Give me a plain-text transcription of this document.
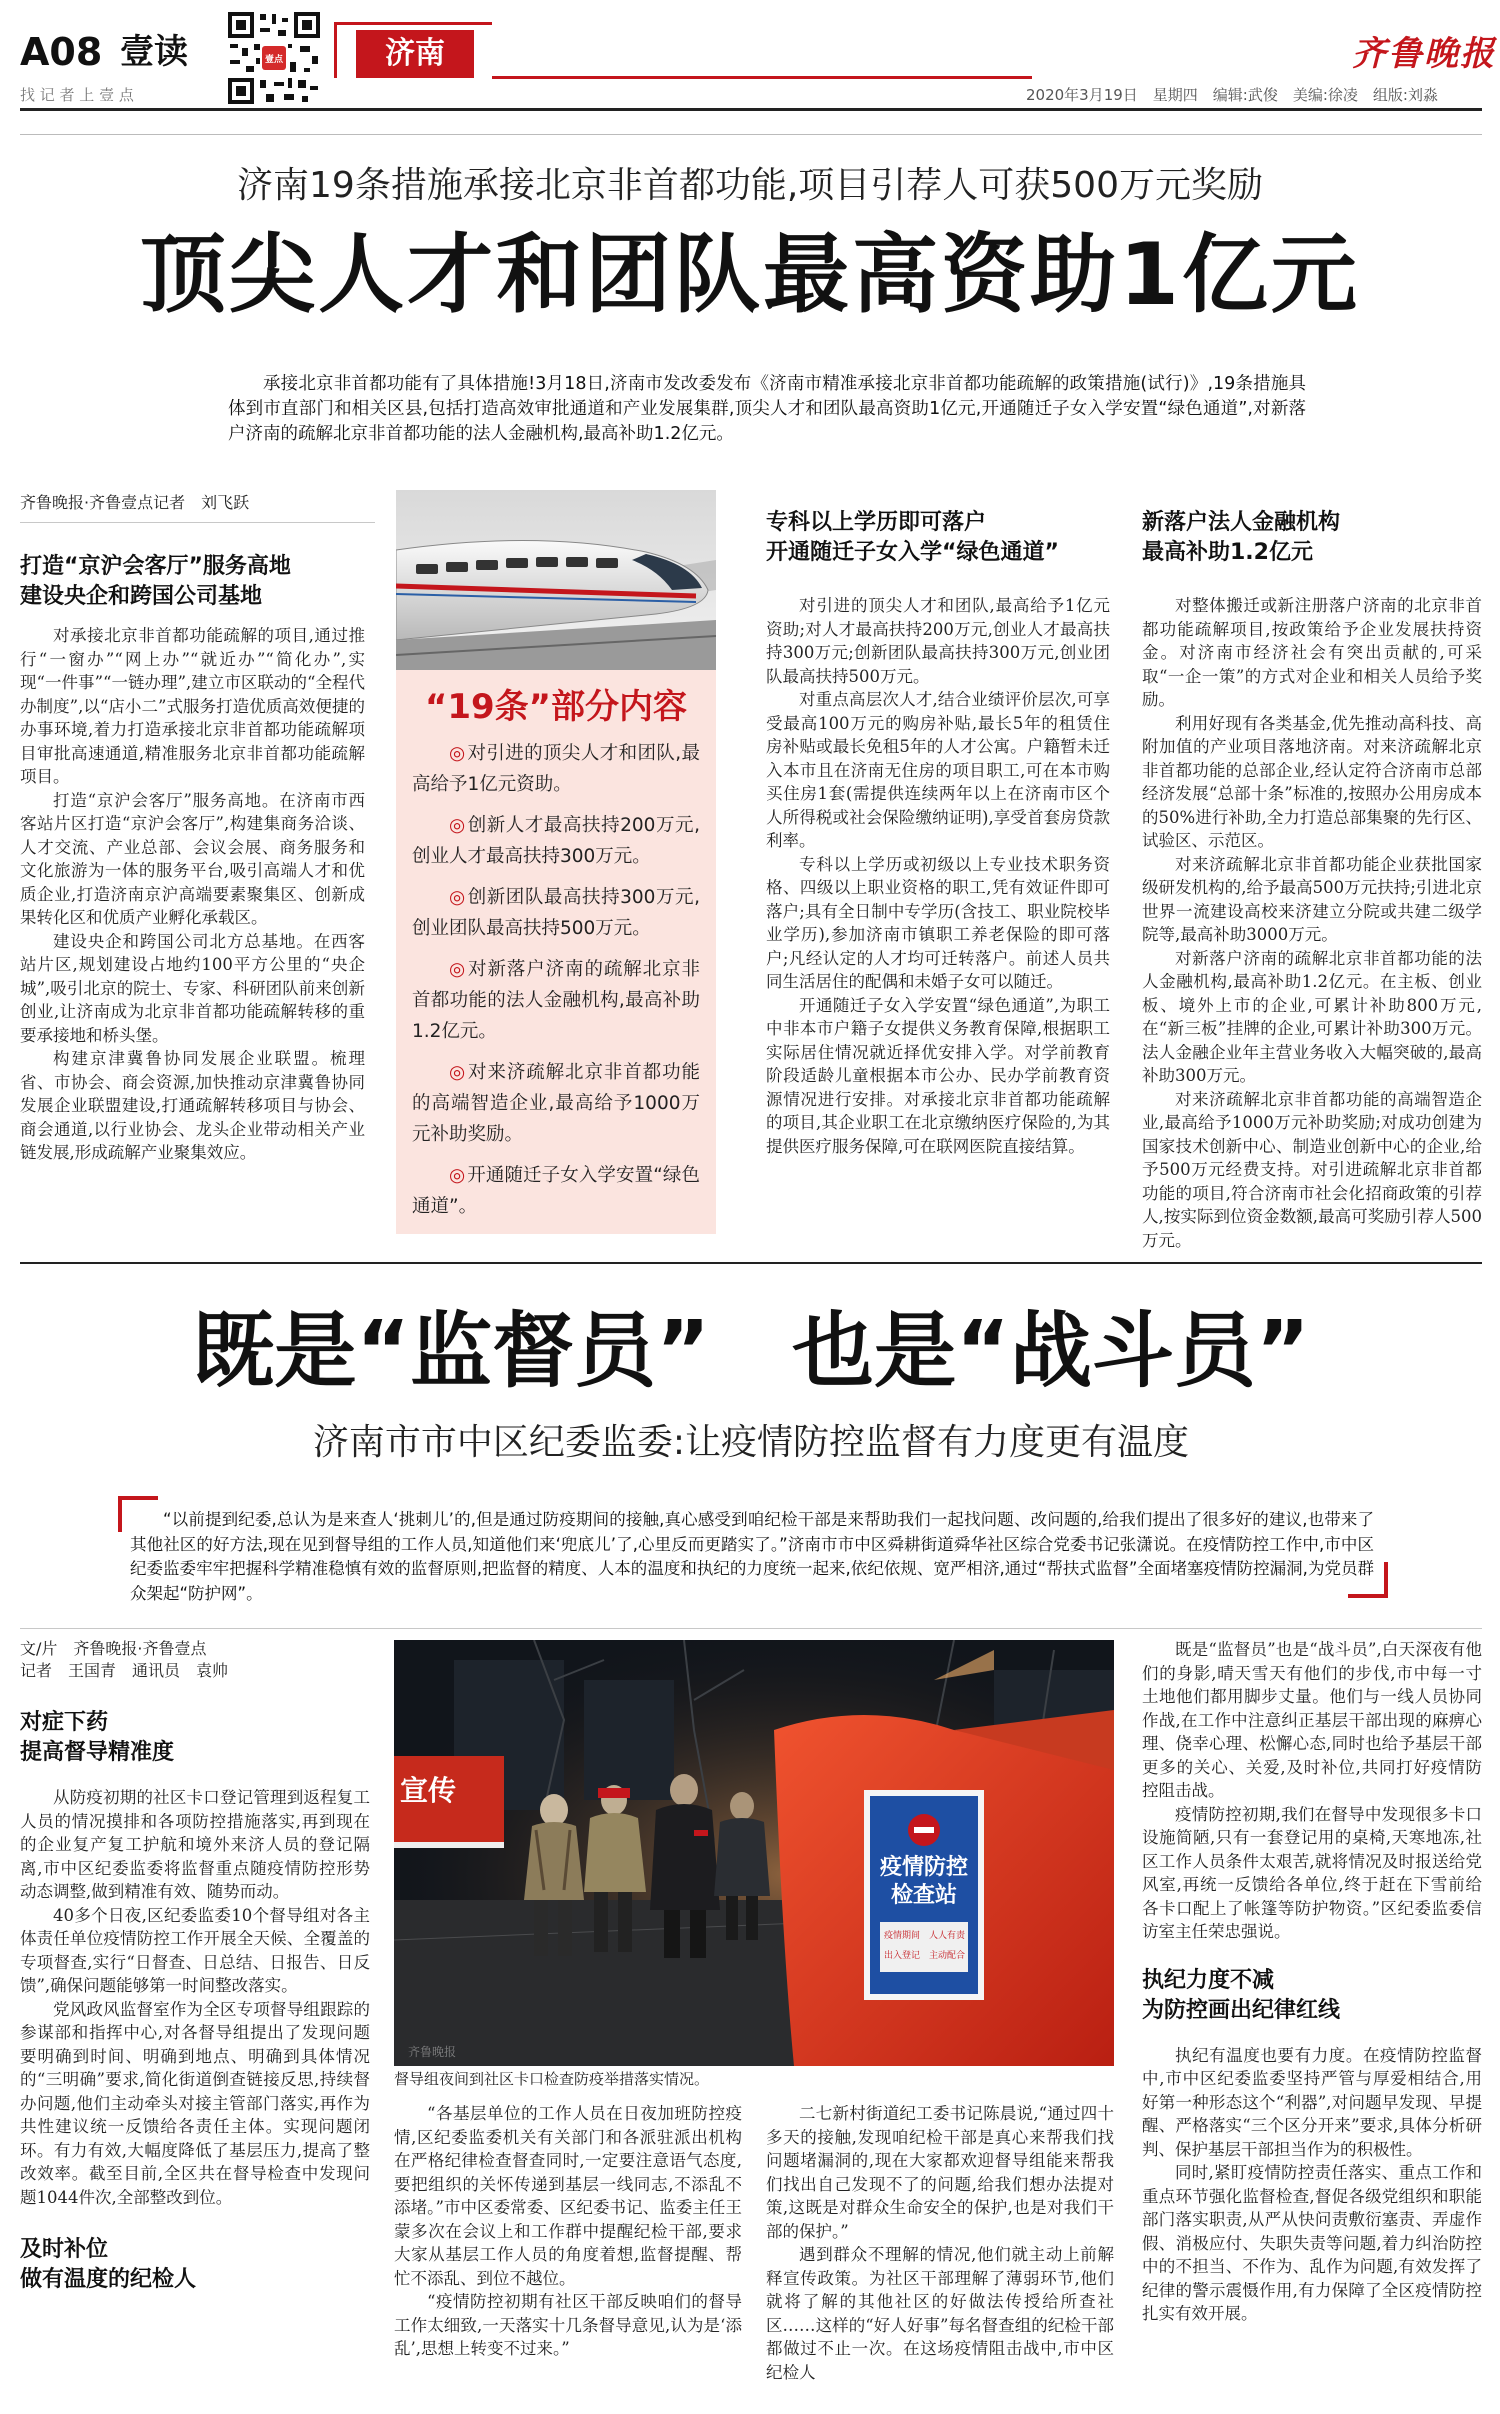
A08 壹读
找 记 者 上 壹 点
壹点	济南	齐鲁晚报
2020年3月19日　星期四　编辑:武俊　美编:徐凌　组版:刘淼
济南19条措施承接北京非首都功能,项目引荐人可获500万元奖励
顶尖人才和团队最高资助1亿元
承接北京非首都功能有了具体措施!3月18日,济南市发改委发布《济南市精准承接北京非首都功能疏解的政策措施(试行)》,19条措施具体到市直部门和相关区县,包括打造高效审批通道和产业发展集群,顶尖人才和团队最高资助1亿元,开通随迁子女入学安置“绿色通道”,对新落户济南的疏解北京非首都功能的法人金融机构,最高补助1.2亿元。
齐鲁晚报·齐鲁壹点记者　刘飞跃
打造“京沪会客厅”服务高地
建设央企和跨国公司基地

对承接北京非首都功能疏解的项目,通过推行“一窗办”“网上办”“就近办”“简化办”,实现“一件事”“一链办理”,建立市区联动的“全程代办制度”,以“店小二”式服务打造优质高效便捷的办事环境,着力打造承接北京非首都功能疏解项目审批高速通道,精准服务北京非首都功能疏解项目。

打造“京沪会客厅”服务高地。在济南市西客站片区打造“京沪会客厅”,构建集商务洽谈、人才交流、产业总部、会议会展、商务服务和文化旅游为一体的服务平台,吸引高端人才和优质企业,打造济南京沪高端要素聚集区、创新成果转化区和优质产业孵化承载区。

建设央企和跨国公司北方总基地。在西客站片区,规划建设占地约100平方公里的“央企城”,吸引北京的院士、专家、科研团队前来创新创业,让济南成为北京非首都功能疏解转移的重要承接地和桥头堡。

构建京津冀鲁协同发展企业联盟。梳理省、市协会、商会资源,加快推动京津冀鲁协同发展企业联盟建设,打通疏解转移项目与协会、商会通道,以行业协会、龙头企业带动相关产业链发展,形成疏解产业聚集效应。

“19条”部分内容
◎ 对引进的顶尖人才和团队,最高给予1亿元资助。
◎ 创新人才最高扶持200万元,创业人才最高扶持300万元。
◎ 创新团队最高扶持300万元,创业团队最高扶持500万元。
◎ 对新落户济南的疏解北京非首都功能的法人金融机构,最高补助1.2亿元。
◎ 对来济疏解北京非首都功能的高端智造企业,最高给予1000万元补助奖励。
◎ 开通随迁子女入学安置“绿色通道”。
专科以上学历即可落户
开通随迁子女入学“绿色通道”

对引进的顶尖人才和团队,最高给予1亿元资助;对人才最高扶持200万元,创业人才最高扶持300万元;创新团队最高扶持300万元,创业团队最高扶持500万元。

对重点高层次人才,结合业绩评价层次,可享受最高100万元的购房补贴,最长5年的租赁住房补贴或最长免租5年的人才公寓。户籍暂未迁入本市且在济南无住房的项目职工,可在本市购买住房1套(需提供连续两年以上在济南市区个人所得税或社会保险缴纳证明),享受首套房贷款利率。

专科以上学历或初级以上专业技术职务资格、四级以上职业资格的职工,凭有效证件即可落户;具有全日制中专学历(含技工、职业院校毕业学历),参加济南市镇职工养老保险的即可落户;凡经认定的人才均可迁转落户。前述人员共同生活居住的配偶和未婚子女可以随迁。

开通随迁子女入学安置“绿色通道”,为职工中非本市户籍子女提供义务教育保障,根据职工实际居住情况就近择优安排入学。对学前教育阶段适龄儿童根据本市公办、民办学前教育资源情况进行安排。对承接北京非首都功能疏解的项目,其企业职工在北京缴纳医疗保险的,为其提供医疗服务保障,可在联网医院直接结算。

新落户法人金融机构
最高补助1.2亿元

对整体搬迁或新注册落户济南的北京非首都功能疏解项目,按政策给予企业发展扶持资金。对济南市经济社会有突出贡献的,可采取“一企一策”的方式对企业和相关人员给予奖励。

利用好现有各类基金,优先推动高科技、高附加值的产业项目落地济南。对来济疏解北京非首都功能的总部企业,经认定符合济南市总部经济发展“总部十条”标准的,按照办公用房成本的50%进行补助,全力打造总部集聚的先行区、试验区、示范区。

对来济疏解北京非首都功能企业获批国家级研发机构的,给予最高500万元扶持;引进北京世界一流建设高校来济建立分院或共建二级学院等,最高补助3000万元。

对新落户济南的疏解北京非首都功能的法人金融机构,最高补助1.2亿元。在主板、创业板、境外上市的企业,可累计补助800万元,在“新三板”挂牌的企业,可累计补助300万元。法人金融企业年主营业务收入大幅突破的,最高补助300万元。

对来济疏解北京非首都功能的高端智造企业,最高给予1000万元补助奖励;对成功创建为国家技术创新中心、制造业创新中心的企业,给予500万元经费支持。对引进疏解北京非首都功能的项目,符合济南市社会化招商政策的引荐人,按实际到位资金数额,最高可奖励引荐人500万元。

既是“监督员”　也是“战斗员”
济南市市中区纪委监委:让疫情防控监督有力度更有温度
“以前提到纪委,总认为是来查人‘挑刺儿’的,但是通过防疫期间的接触,真心感受到咱纪检干部是来帮助我们一起找问题、改问题的,给我们提出了很多好的建议,也带来了其他社区的好方法,现在见到督导组的工作人员,知道他们来‘兜底儿’了,心里反而更踏实了。”济南市市中区舜耕街道舜华社区综合党委书记张潇说。在疫情防控工作中,市中区纪委监委牢牢把握科学精准稳慎有效的监督原则,把监督的精度、人本的温度和执纪的力度统一起来,依纪依规、宽严相济,通过“帮扶式监督”全面堵塞疫情防控漏洞,为党员群众架起“防护网”。
文/片　齐鲁晚报·齐鲁壹点
记者　王国青　通讯员　袁帅
对症下药
提高督导精准度

从防疫初期的社区卡口登记管理到返程复工人员的情况摸排和各项防控措施落实,再到现在的企业复产复工护航和境外来济人员的登记隔离,市中区纪委监委将监督重点随疫情防控形势动态调整,做到精准有效、随势而动。

40多个日夜,区纪委监委10个督导组对各主体责任单位疫情防控工作开展全天候、全覆盖的专项督查,实行“日督查、日总结、日报告、日反馈”,确保问题能够第一时间整改落实。

党风政风监督室作为全区专项督导组跟踪的参谋部和指挥中心,对各督导组提出了发现问题要明确到时间、明确到地点、明确到具体情况的“三明确”要求,简化街道倒查链接反思,持续督办问题,他们主动牵头对接主管部门落实,再作为共性建议统一反馈给各责任主体。实现问题闭环。有力有效,大幅度降低了基层压力,提高了整改效率。截至目前,全区共在督导检查中发现问题1044件次,全部整改到位。

及时补位
做有温度的纪检人
宣传
疫情防控
检查站
疫情期间 人人有责
出入登记 主动配合
齐鲁晚报
督导组夜间到社区卡口检查防疫举措落实情况。

“各基层单位的工作人员在日夜加班防控疫情,区纪委监委机关有关部门和各派驻派出机构在严格纪律检查督查同时,一定要注意语气态度,要把组织的关怀传递到基层一线同志,不添乱不添堵。”市中区委常委、区纪委书记、监委主任王蒙多次在会议上和工作群中提醒纪检干部,要求大家从基层工作人员的角度着想,监督提醒、帮忙不添乱、到位不越位。

“疫情防控初期有社区干部反映咱们的督导工作太细致,一天落实十几条督导意见,认为是‘添乱’,思想上转变不过来。”

二七新村街道纪工委书记陈晨说,“通过四十多天的接触,发现咱纪检干部是真心来帮我们找问题堵漏洞的,现在大家都欢迎督导组能来帮我们找出自己发现不了的问题,给我们想办法提对策,这既是对群众生命安全的保护,也是对我们干部的保护。”

遇到群众不理解的情况,他们就主动上前解释宣传政策。为社区干部理解了薄弱环节,他们就将了解的其他社区的好做法传授给所查社区……这样的“好人好事”每名督查组的纪检干部都做过不止一次。在这场疫情阻击战中,市中区纪检人

既是“监督员”也是“战斗员”,白天深夜有他们的身影,晴天雪天有他们的步伐,市中每一寸土地他们都用脚步丈量。他们与一线人员协同作战,在工作中注意纠正基层干部出现的麻痹心理、侥幸心理、松懈心态,同时也给予基层干部更多的关心、关爱,及时补位,共同打好疫情防控阻击战。

疫情防控初期,我们在督导中发现很多卡口设施简陋,只有一套登记用的桌椅,天寒地冻,社区工作人员条件太艰苦,就将情况及时报送给党风室,再统一反馈给各单位,终于赶在下雪前给各卡口配上了帐篷等防护物资。”区纪委监委信访室主任荣忠强说。

执纪力度不减
为防控画出纪律红线

执纪有温度也要有力度。在疫情防控监督中,市中区纪委监委坚持严管与厚爱相结合,用好第一种形态这个“利器”,对问题早发现、早提醒、严格落实“三个区分开来”要求,具体分析研判、保护基层干部担当作为的积极性。

同时,紧盯疫情防控责任落实、重点工作和重点环节强化监督检查,督促各级党组织和职能部门落实职责,从严从快问责敷衍塞责、弄虚作假、消极应付、失职失责等问题,着力纠治防控中的不担当、不作为、乱作为问题,有效发挥了纪律的警示震慑作用,有力保障了全区疫情防控扎实有效开展。
